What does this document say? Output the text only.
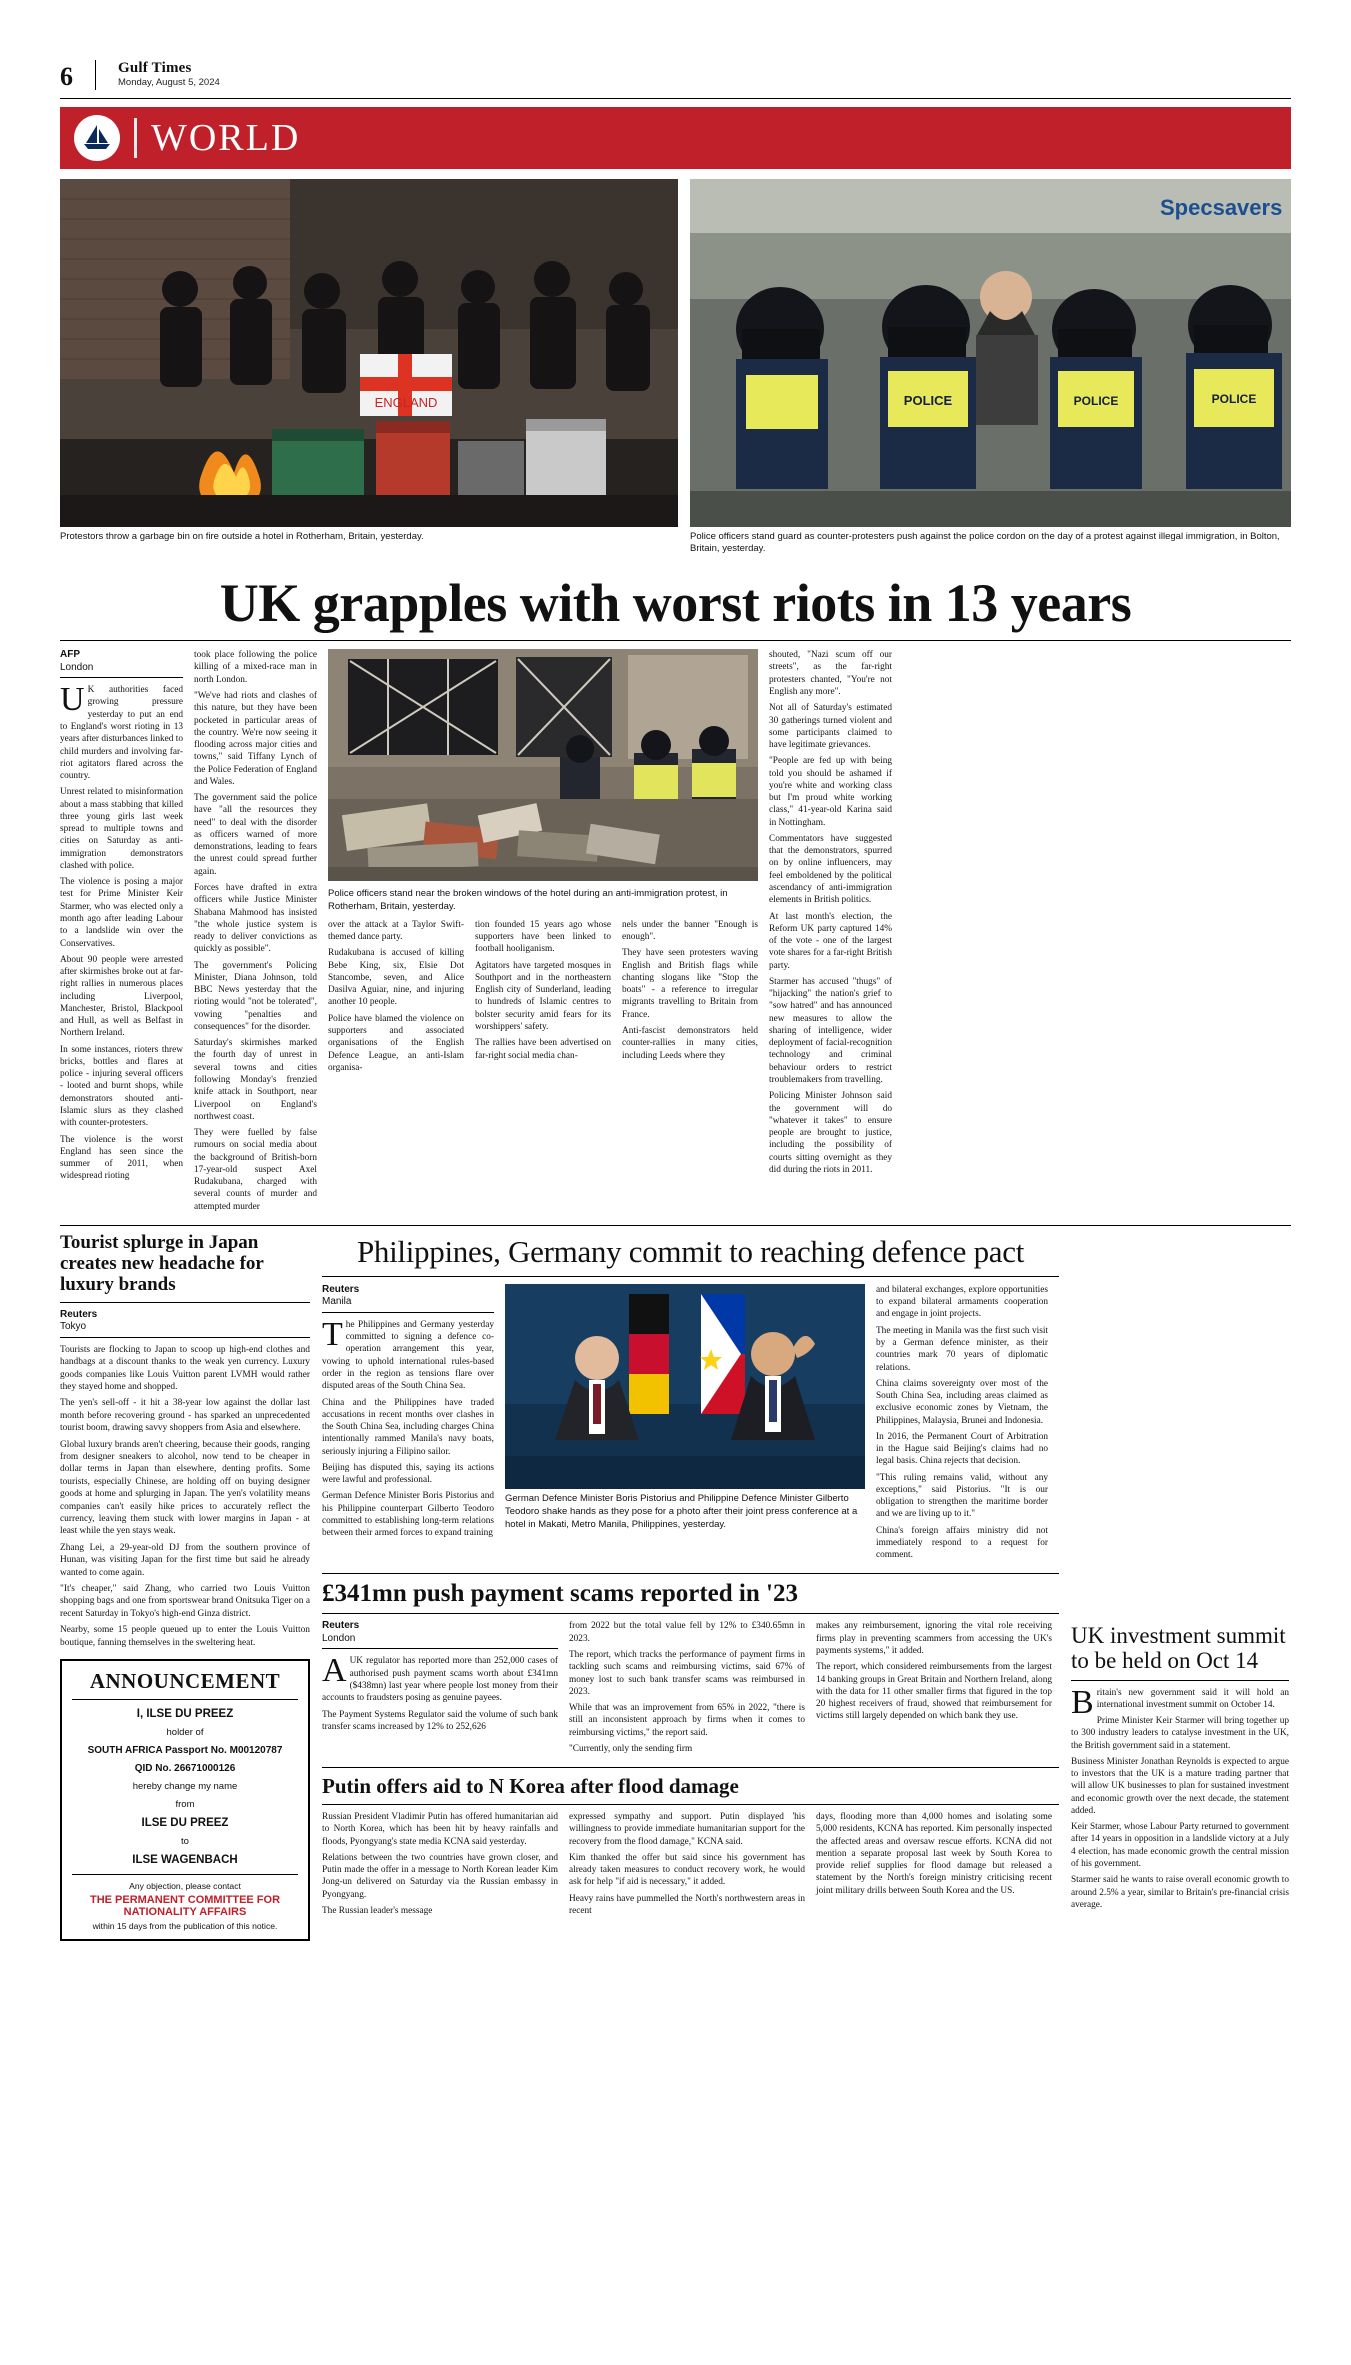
6	Gulf Times
Monday, August 5, 2024
WORLD
ENGLAND
Protestors throw a garbage bin on fire outside a hotel in Rotherham, Britain, yesterday.
Specsavers
POLICE	POLICE	POLICE
Police officers stand guard as counter-protesters push against the police cordon on the day of a protest against illegal immigration, in Bolton, Britain, yesterday.
UK grapples with worst riots in 13 years
AFP
London

UK authorities faced growing pressure yesterday to put an end to England's worst rioting in 13 years after disturbances linked to child murders and involving far-riot agitators flared across the country.

Unrest related to misinformation about a mass stabbing that killed three young girls last week spread to multiple towns and cities on Saturday as anti-immigration demonstrators clashed with police.

The violence is posing a major test for Prime Minister Keir Starmer, who was elected only a month ago after leading Labour to a landslide win over the Conservatives.

About 90 people were arrested after skirmishes broke out at far-right rallies in numerous places including Liverpool, Manchester, Bristol, Blackpool and Hull, as well as Belfast in Northern Ireland.

In some instances, rioters threw bricks, bottles and flares at police - injuring several officers - looted and burnt shops, while demonstrators shouted anti-Islamic slurs as they clashed with counter-protesters.

The violence is the worst England has seen since the summer of 2011, when widespread rioting

took place following the police killing of a mixed-race man in north London.

"We've had riots and clashes of this nature, but they have been pocketed in particular areas of the country. We're now seeing it flooding across major cities and towns," said Tiffany Lynch of the Police Federation of England and Wales.

The government said the police have "all the resources they need" to deal with the disorder as officers warned of more demonstrations, leading to fears the unrest could spread further again.

Forces have drafted in extra officers while Justice Minister Shabana Mahmood has insisted "the whole justice system is ready to deliver convictions as quickly as possible".

The government's Policing Minister, Diana Johnson, told BBC News yesterday that the rioting would "not be tolerated", vowing "penalties and consequences" for the disorder.

Saturday's skirmishes marked the fourth day of unrest in several towns and cities following Monday's frenzied knife attack in Southport, near Liverpool on England's northwest coast.

They were fuelled by false rumours on social media about the background of British-born 17-year-old suspect Axel Rudakubana, charged with several counts of murder and attempted murder

Police officers stand near the broken windows of the hotel during an anti-immigration protest, in Rotherham, Britain, yesterday.

over the attack at a Taylor Swift-themed dance party.

Rudakubana is accused of killing Bebe King, six, Elsie Dot Stancombe, seven, and Alice Dasilva Aguiar, nine, and injuring another 10 people.

Police have blamed the violence on supporters and associated organisations of the English Defence League, an anti-Islam organisa-

tion founded 15 years ago whose supporters have been linked to football hooliganism.

Agitators have targeted mosques in Southport and in the northeastern English city of Sunderland, leading to hundreds of Islamic centres to bolster security amid fears for its worshippers' safety.

The rallies have been advertised on far-right social media chan-

nels under the banner "Enough is enough".

They have seen protesters waving English and British flags while chanting slogans like "Stop the boats" - a reference to irregular migrants travelling to Britain from France.

Anti-fascist demonstrators held counter-rallies in many cities, including Leeds where they

shouted, "Nazi scum off our streets", as the far-right protesters chanted, "You're not English any more".

Not all of Saturday's estimated 30 gatherings turned violent and some participants claimed to have legitimate grievances.

"People are fed up with being told you should be ashamed if you're white and working class but I'm proud white working class," 41-year-old Karina said in Nottingham.

Commentators have suggested that the demonstrators, spurred on by online influencers, may feel emboldened by the political ascendancy of anti-immigration elements in British politics.

At last month's election, the Reform UK party captured 14% of the vote - one of the largest vote shares for a far-right British party.

Starmer has accused "thugs" of "hijacking" the nation's grief to "sow hatred" and has announced new measures to allow the sharing of intelligence, wider deployment of facial-recognition technology and criminal behaviour orders to restrict troublemakers from travelling.

Policing Minister Johnson said the government will do "whatever it takes" to ensure people are brought to justice, including the possibility of courts sitting overnight as they did during the riots in 2011.

Tourist splurge in Japan creates new headache for luxury brands
Reuters
Tokyo

Tourists are flocking to Japan to scoop up high-end clothes and handbags at a discount thanks to the weak yen currency. Luxury goods companies like Louis Vuitton parent LVMH would rather they stayed home and shopped.

The yen's sell-off - it hit a 38-year low against the dollar last month before recovering ground - has sparked an unprecedented tourist boom, drawing savvy shoppers from Asia and elsewhere.

Global luxury brands aren't cheering, because their goods, ranging from designer sneakers to alcohol, now tend to be cheaper in dollar terms in Japan than elsewhere, denting profits. Some tourists, especially Chinese, are holding off on buying designer goods at home and splurging in Japan. The yen's volatility means companies can't easily hike prices to accurately reflect the currency, leaving them stuck with lower margins in Japan - at least while the yen stays weak.

Zhang Lei, a 29-year-old DJ from the southern province of Hunan, was visiting Japan for the first time but said he already wanted to come again.

"It's cheaper," said Zhang, who carried two Louis Vuitton shopping bags and one from sportswear brand Onitsuka Tiger on a recent Saturday in Tokyo's high-end Ginza district.

Nearby, some 15 people queued up to enter the Louis Vuitton boutique, fanning themselves in the sweltering heat.

ANNOUNCEMENT
I, ILSE DU PREEZ
holder of
SOUTH AFRICA Passport No. M00120787
QID No. 26671000126
hereby change my name
from
ILSE DU PREEZ
to
ILSE WAGENBACH
Any objection, please contact
THE PERMANENT COMMITTEE FOR NATIONALITY AFFAIRS
within 15 days from the publication of this notice.
Philippines, Germany commit to reaching defence pact
Reuters
Manila

The Philippines and Germany yesterday committed to signing a defence co-operation arrangement this year, vowing to uphold international rules-based order in the region as tensions flare over disputed areas of the South China Sea.

China and the Philippines have traded accusations in recent months over clashes in the South China Sea, including charges China intentionally rammed Manila's navy boats, seriously injuring a Filipino sailor.

Beijing has disputed this, saying its actions were lawful and professional.

German Defence Minister Boris Pistorius and his Philippine counterpart Gilberto Teodoro committed to establishing long-term relations between their armed forces to expand training

German Defence Minister Boris Pistorius and Philippine Defence Minister Gilberto Teodoro shake hands as they pose for a photo after their joint press conference at a hotel in Makati, Metro Manila, Philippines, yesterday.

and bilateral exchanges, explore opportunities to expand bilateral armaments cooperation and engage in joint projects.

The meeting in Manila was the first such visit by a German defence minister, as their countries mark 70 years of diplomatic relations.

China claims sovereignty over most of the South China Sea, including areas claimed as exclusive economic zones by Vietnam, the Philippines, Malaysia, Brunei and Indonesia.

In 2016, the Permanent Court of Arbitration in the Hague said Beijing's claims had no legal basis. China rejects that decision.

"This ruling remains valid, without any exceptions," said Pistorius. "It is our obligation to strengthen the maritime border and we are living up to it."

China's foreign affairs ministry did not immediately respond to a request for comment.

£341mn push payment scams reported in '23
Reuters
London

AUK regulator has reported more than 252,000 cases of authorised push payment scams worth about £341mn ($438mn) last year where people lost money from their accounts to fraudsters posing as genuine payees.

The Payment Systems Regulator said the volume of such bank transfer scams increased by 12% to 252,626

from 2022 but the total value fell by 12% to £340.65mn in 2023.

The report, which tracks the performance of payment firms in tackling such scams and reimbursing victims, said 67% of money lost to such bank transfer scams was reimbursed in 2023.

While that was an improvement from 65% in 2022, "there is still an inconsistent approach by firms when it comes to reimbursing victims," the report said.

"Currently, only the sending firm

makes any reimbursement, ignoring the vital role receiving firms play in preventing scammers from accessing the UK's payments systems," it added.

The report, which considered reimbursements from the largest 14 banking groups in Great Britain and Northern Ireland, along with the data for 11 other smaller firms that figured in the top 20 highest receivers of fraud, showed that reimbursement for victims still largely depended on which bank they use.

Putin offers aid to N Korea after flood damage

Russian President Vladimir Putin has offered humanitarian aid to North Korea, which has been hit by heavy rainfalls and floods, Pyongyang's state media KCNA said yesterday.

Relations between the two countries have grown closer, and Putin made the offer in a message to North Korean leader Kim Jong-un delivered on Saturday via the Russian embassy in Pyongyang.

The Russian leader's message

expressed sympathy and support. Putin displayed 'his willingness to provide immediate humanitarian support for the recovery from the flood damage," KCNA said.

Kim thanked the offer but said since his government has already taken measures to conduct recovery work, he would ask for help "if aid is necessary," it added.

Heavy rains have pummelled the North's northwestern areas in recent

days, flooding more than 4,000 homes and isolating some 5,000 residents, KCNA has reported. Kim personally inspected the affected areas and oversaw rescue efforts. KCNA did not mention a separate proposal last week by South Korea to provide relief supplies for flood damage but released a statement by the North's foreign ministry criticising recent joint military drills between South Korea and the US.

UK investment summit to be held on Oct 14

Britain's new government said it will hold an international investment summit on October 14.

Prime Minister Keir Starmer will bring together up to 300 industry leaders to catalyse investment in the UK, the British government said in a statement.

Business Minister Jonathan Reynolds is expected to argue to investors that the UK is a mature trading partner that will allow UK businesses to plan for sustained investment and economic growth over the next decade, the statement added.

Keir Starmer, whose Labour Party returned to government after 14 years in opposition in a landslide victory at a July 4 election, has made economic growth the central mission of his government.

Starmer said he wants to raise overall economic growth to around 2.5% a year, similar to Britain's pre-financial crisis average.
